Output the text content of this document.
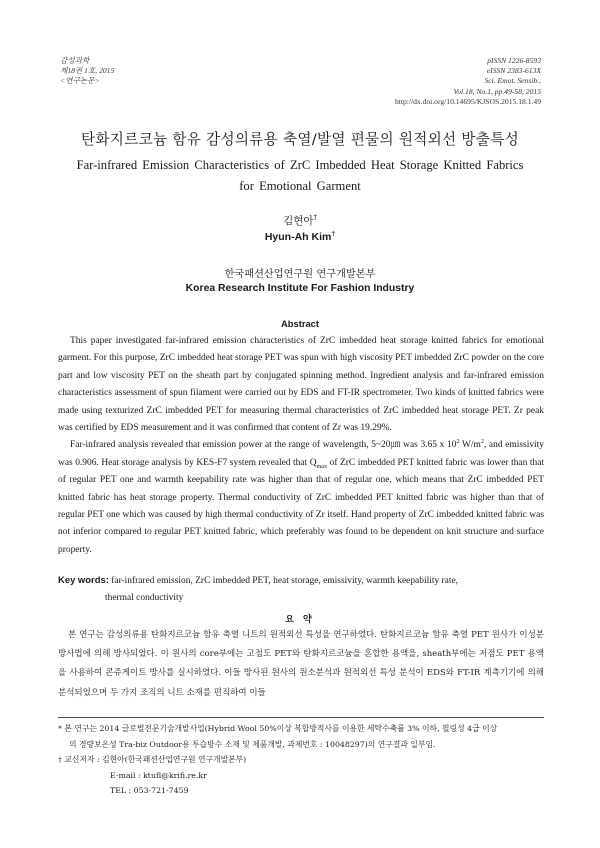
감성과학
제18권 1호, 2015
<연구논문>
pISSN 1226-8593
eISSN 2383-613X
Sci. Emot. Sensib.,
Vol.18, No.1, pp.49-58, 2015
http://dx.doi.org/10.14695/KJSOS.2015.18.1.49
탄화지르코늄 함유 감성의류용 축열/발열 편물의 원적외선 방출특성
Far-infrared Emission Characteristics of ZrC Imbedded Heat Storage Knitted Fabrics for Emotional Garment
김현아†
Hyun-Ah Kim†
한국패션산업연구원 연구개발본부
Korea Research Institute For Fashion Industry
Abstract

This paper investigated far-infrared emission characteristics of ZrC imbedded heat storage knitted fabrics for emotional garment. For this purpose, ZrC imbedded heat storage PET was spun with high viscosity PET imbedded ZrC powder on the core part and low viscosity PET on the sheath part by conjugated spinning method. Ingredient analysis and far-infrared emission characteristics assessment of spun filament were carried out by EDS and FT-IR spectrometer. Two kinds of knitted fabrics were made using texturized ZrC imbedded PET for measuring thermal characteristics of ZrC imbedded heat storage PET. Zr peak was certified by EDS measurement and it was confirmed that content of Zr was 19.29%.

Far-infrared analysis revealed that emission power at the range of wavelength, 5~20㎛ was 3.65 x $10^2$ $W/m^2$, and emissivity was 0.906. Heat storage analysis by KES-F7 system revealed that $Q_{max}$ of ZrC imbedded PET knitted fabric was lower than that of regular PET one and warmth keepability rate was higher than that of regular one, which means that ZrC imbedded PET knitted fabric has heat storage property. Thermal conductivity of ZrC imbedded PET knitted fabric was higher than that of regular PET one which was caused by high thermal conductivity of Zr itself. Hand property of ZrC imbedded knitted fabric was not inferior compared to regular PET knitted fabric, which preferably was found to be dependent on knit structure and surface property.

Key words: far-infrared emission, ZrC imbedded PET, heat storage, emissivity, warmth keepability rate,
thermal conductivity
요 약

본 연구는 감성의류용 탄화지르코늄 함유 축열 니트의 원적외선 특성을 연구하였다. 탄화지르코늄 함유 축열 PET 원사가 이성분 방사법에 의해 방사되었다. 이 원사의 core부에는 고점도 PET와 탄화지르코늄을 혼합한 용액을, sheath부에는 저점도 PET 용액을 사용하여 콘쥬게이트 방사를 실시하였다. 이들 방사된 원사의 원소분석과 원적외선 특성 분석이 EDS와 FT-IR 계측기기에 의해 분석되었으며 두 가지 조직의 니트 소재를 편직하여 이들

* 본 연구는 2014 글로벌전문기술개발사업(Hybrid Wool 50%이상 복합방적사를 이용한 세탁수축률 3% 이하, 필링성 4급 이상
의 경량보온성 Tra-biz Outdoor용 투습방수 소재 및 제품개발, 과제번호 : 10048297)의 연구결과 일부임.
† 교신저자 : 김현아(한국패션산업연구원 연구개발본부)
E-mail : ktufl@krifi.re.kr
TEL : 053-721-7459
